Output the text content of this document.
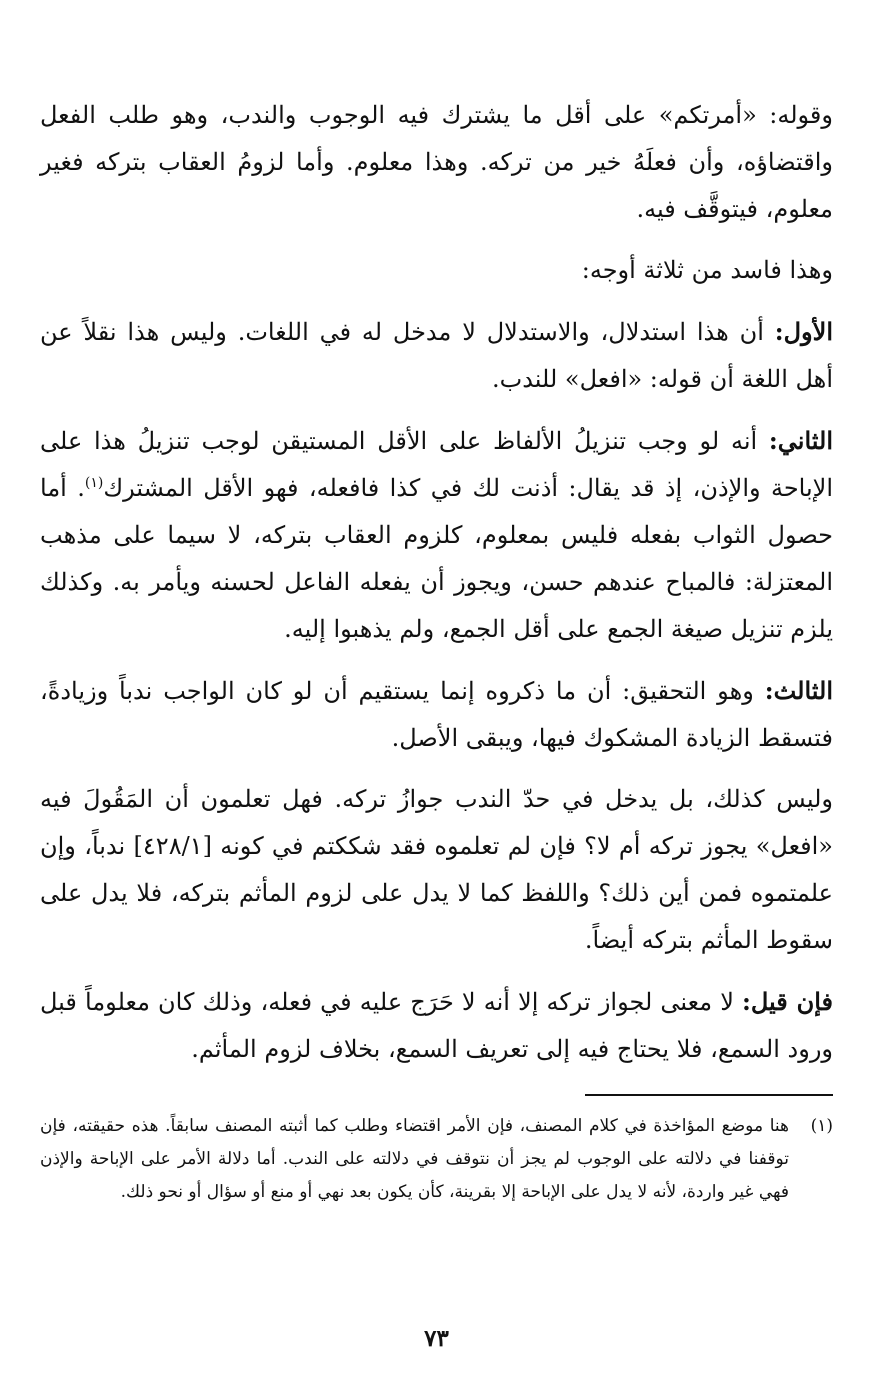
وقوله: «أمرتكم» على أقل ما يشترك فيه الوجوب والندب، وهو طلب الفعل واقتضاؤه، وأن فعلَهُ خير من تركه. وهذا معلوم. وأما لزومُ العقاب بتركه فغير معلوم، فيتوقَّف فيه.

وهذا فاسد من ثلاثة أوجه:

الأول: أن هذا استدلال، والاستدلال لا مدخل له في اللغات. وليس هذا نقلاً عن أهل اللغة أن قوله: «افعل» للندب.

الثاني: أنه لو وجب تنزيلُ الألفاظ على الأقل المستيقن لوجب تنزيلُ هذا على الإباحة والإذن، إذ قد يقال: أذنت لك في كذا فافعله، فهو الأقل المشترك$^{(١)}$. أما حصول الثواب بفعله فليس بمعلوم، كلزوم العقاب بتركه، لا سيما على مذهب المعتزلة: فالمباح عندهم حسن، ويجوز أن يفعله الفاعل لحسنه ويأمر به. وكذلك يلزم تنزيل صيغة الجمع على أقل الجمع، ولم يذهبوا إليه.

الثالث: وهو التحقيق: أن ما ذكروه إنما يستقيم أن لو كان الواجب ندباً وزيادةً، فتسقط الزيادة المشكوك فيها، ويبقى الأصل.

وليس كذلك، بل يدخل في حدّ الندب جوازُ تركه. فهل تعلمون أن المَقُولَ فيه «افعل» يجوز تركه أم لا؟ فإن لم تعلموه فقد شككتم في كونه [٤٢٨/١] ندباً، وإن علمتموه فمن أين ذلك؟ واللفظ كما لا يدل على لزوم المأثم بتركه، فلا يدل على سقوط المأثم بتركه أيضاً.

فإن قيل: لا معنى لجواز تركه إلا أنه لا حَرَج عليه في فعله، وذلك كان معلوماً قبل ورود السمع، فلا يحتاج فيه إلى تعريف السمع، بخلاف لزوم المأثم.

(١)
هنا موضع المؤاخذة في كلام المصنف، فإن الأمر اقتضاء وطلب كما أثبته المصنف سابقاً. هذه حقيقته، فإن توقفنا في دلالته على الوجوب لم يجز أن نتوقف في دلالته على الندب. أما دلالة الأمر على الإباحة والإذن فهي غير واردة، لأنه لا يدل على الإباحة إلا بقرينة، كأن يكون بعد نهي أو منع أو سؤال أو نحو ذلك.
٧٣
